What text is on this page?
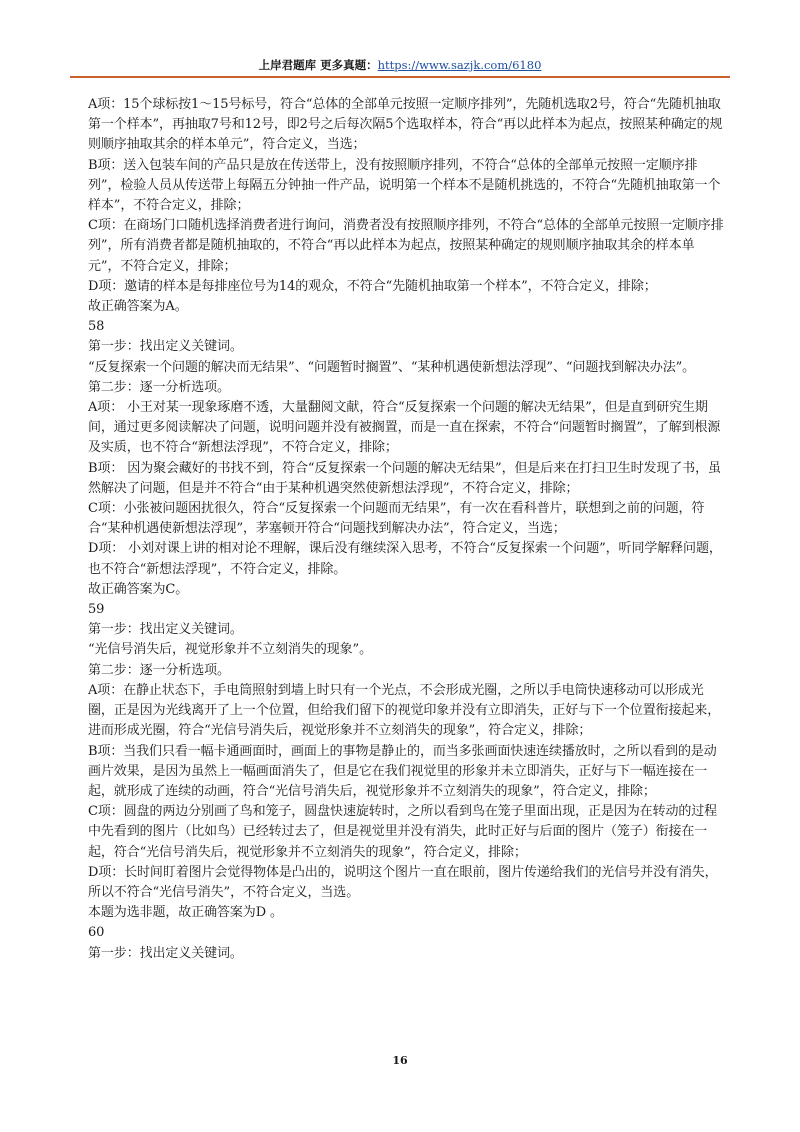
上岸君题库 更多真题：https://www.sazjk.com/6180

A项：15个球标按1～15号标号，符合“总体的全部单元按照一定顺序排列”，先随机选取2号，符合“先随机抽取第一个样本”，再抽取7号和12号，即2号之后每次隔5个选取样本，符合“再以此样本为起点，按照某种确定的规则顺序抽取其余的样本单元”，符合定义，当选；

B项：送入包装车间的产品只是放在传送带上，没有按照顺序排列，不符合“总体的全部单元按照一定顺序排列”，检验人员从传送带上每隔五分钟抽一件产品，说明第一个样本不是随机挑选的，不符合“先随机抽取第一个样本”，不符合定义，排除；

C项：在商场门口随机选择消费者进行询问，消费者没有按照顺序排列，不符合“总体的全部单元按照一定顺序排列”，所有消费者都是随机抽取的，不符合“再以此样本为起点，按照某种确定的规则顺序抽取其余的样本单元”，不符合定义，排除；

D项：邀请的样本是每排座位号为14的观众，不符合“先随机抽取第一个样本”，不符合定义，排除；

故正确答案为A。

58

第一步：找出定义关键词。

“反复探索一个问题的解决而无结果”、“问题暂时搁置”、“某种机遇使新想法浮现”、“问题找到解决办法”。

第二步：逐一分析选项。

A项： 小王对某一现象琢磨不透，大量翻阅文献，符合“反复探索一个问题的解决无结果”，但是直到研究生期间，通过更多阅读解决了问题，说明问题并没有被搁置，而是一直在探索，不符合“问题暂时搁置”，了解到根源及实质，也不符合“新想法浮现”，不符合定义，排除；

B项： 因为聚会藏好的书找不到，符合“反复探索一个问题的解决无结果”，但是后来在打扫卫生时发现了书，虽然解决了问题，但是并不符合“由于某种机遇突然使新想法浮现”，不符合定义，排除；

C项：小张被问题困扰很久，符合“反复探索一个问题而无结果”，有一次在看科普片，联想到之前的问题，符合“某种机遇使新想法浮现”，茅塞顿开符合“问题找到解决办法”，符合定义，当选；

D项： 小刘对课上讲的相对论不理解，课后没有继续深入思考，不符合“反复探索一个问题”，听同学解释问题，也不符合“新想法浮现”，不符合定义，排除。

故正确答案为C。

59

第一步：找出定义关键词。

“光信号消失后，视觉形象并不立刻消失的现象”。

第二步：逐一分析选项。

A项：在静止状态下，手电筒照射到墙上时只有一个光点，不会形成光圈，之所以手电筒快速移动可以形成光圈，正是因为光线离开了上一个位置，但给我们留下的视觉印象并没有立即消失，正好与下一个位置衔接起来，进而形成光圈，符合“光信号消失后，视觉形象并不立刻消失的现象”，符合定义，排除；

B项：当我们只看一幅卡通画面时，画面上的事物是静止的，而当多张画面快速连续播放时，之所以看到的是动画片效果，是因为虽然上一幅画面消失了，但是它在我们视觉里的形象并未立即消失，正好与下一幅连接在一起，就形成了连续的动画，符合“光信号消失后，视觉形象并不立刻消失的现象”，符合定义，排除；

C项：圆盘的两边分别画了鸟和笼子，圆盘快速旋转时，之所以看到鸟在笼子里面出现，正是因为在转动的过程中先看到的图片（比如鸟）已经转过去了，但是视觉里并没有消失，此时正好与后面的图片（笼子）衔接在一起，符合“光信号消失后，视觉形象并不立刻消失的现象”，符合定义，排除；

D项：长时间盯着图片会觉得物体是凸出的，说明这个图片一直在眼前，图片传递给我们的光信号并没有消失，所以不符合“光信号消失”，不符合定义，当选。

本题为选非题，故正确答案为D 。

60

第一步：找出定义关键词。

16
